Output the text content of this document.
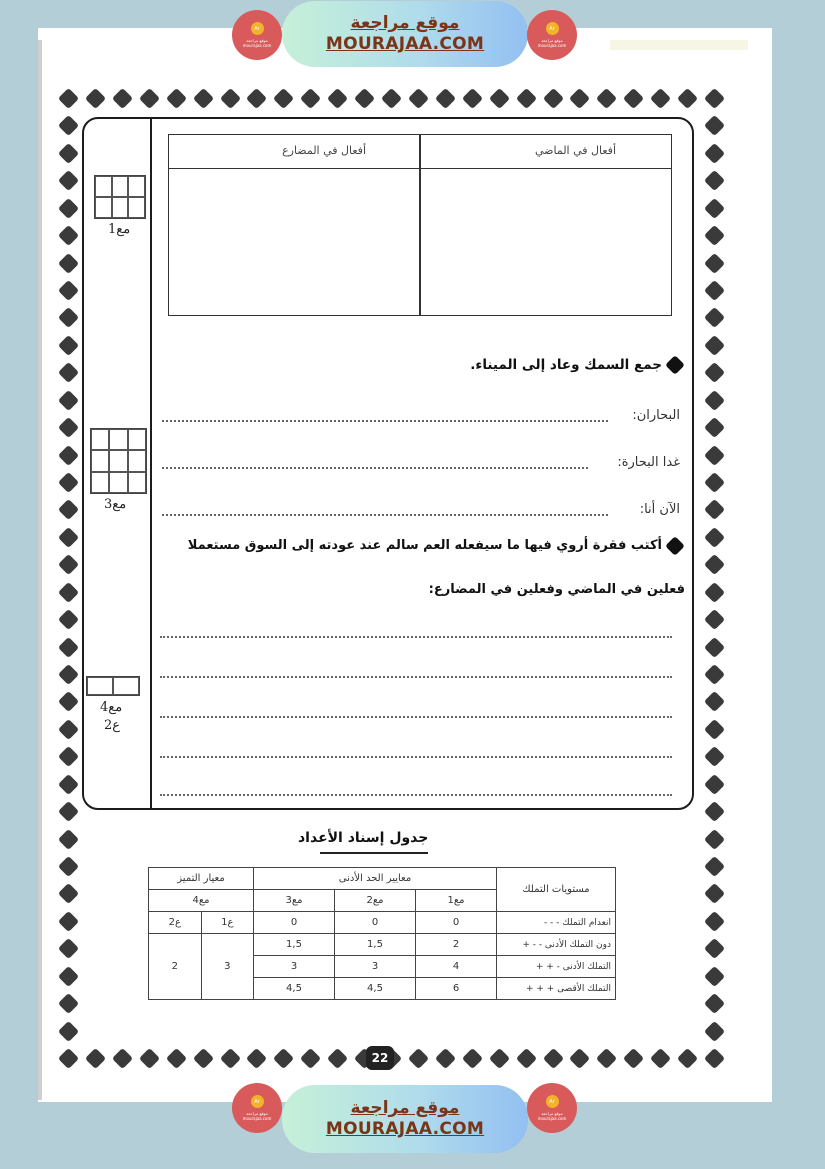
Ar
موقع مراجعة mourajaa.com
موقع مراجعة
MOURAJAA.COM
Ar
موقع مراجعة mourajaa.com
مع1
مع3
مع4
ع2
أفعال في الماضي
أفعال في المضارع
جمع السمك وعاد إلى الميناء.
البحاران:
غدا البحارة:
الآن أنا:
أكتب فقرة أروي فيها ما سيفعله العم سالم عند عودته إلى السوق مستعملا
فعلين في الماضي وفعلين في المضارع:
جدول إسناد الأعداد
معيار التميز		معايير الحد الأدنى			مستويات التملك
مع4		مع3	مع2	مع1	
ع2	ع1	0	0	0	انعدام التملك - - -
2	3	1,5	1,5	2	دون التملك الأدنى - - +
		3	3	4	التملك الأدنى - + +
		4,5	4,5	6	التملك الأقصى + + +
22
Ar
موقع مراجعة mourajaa.com
موقع مراجعة
MOURAJAA.COM
Ar
موقع مراجعة mourajaa.com
